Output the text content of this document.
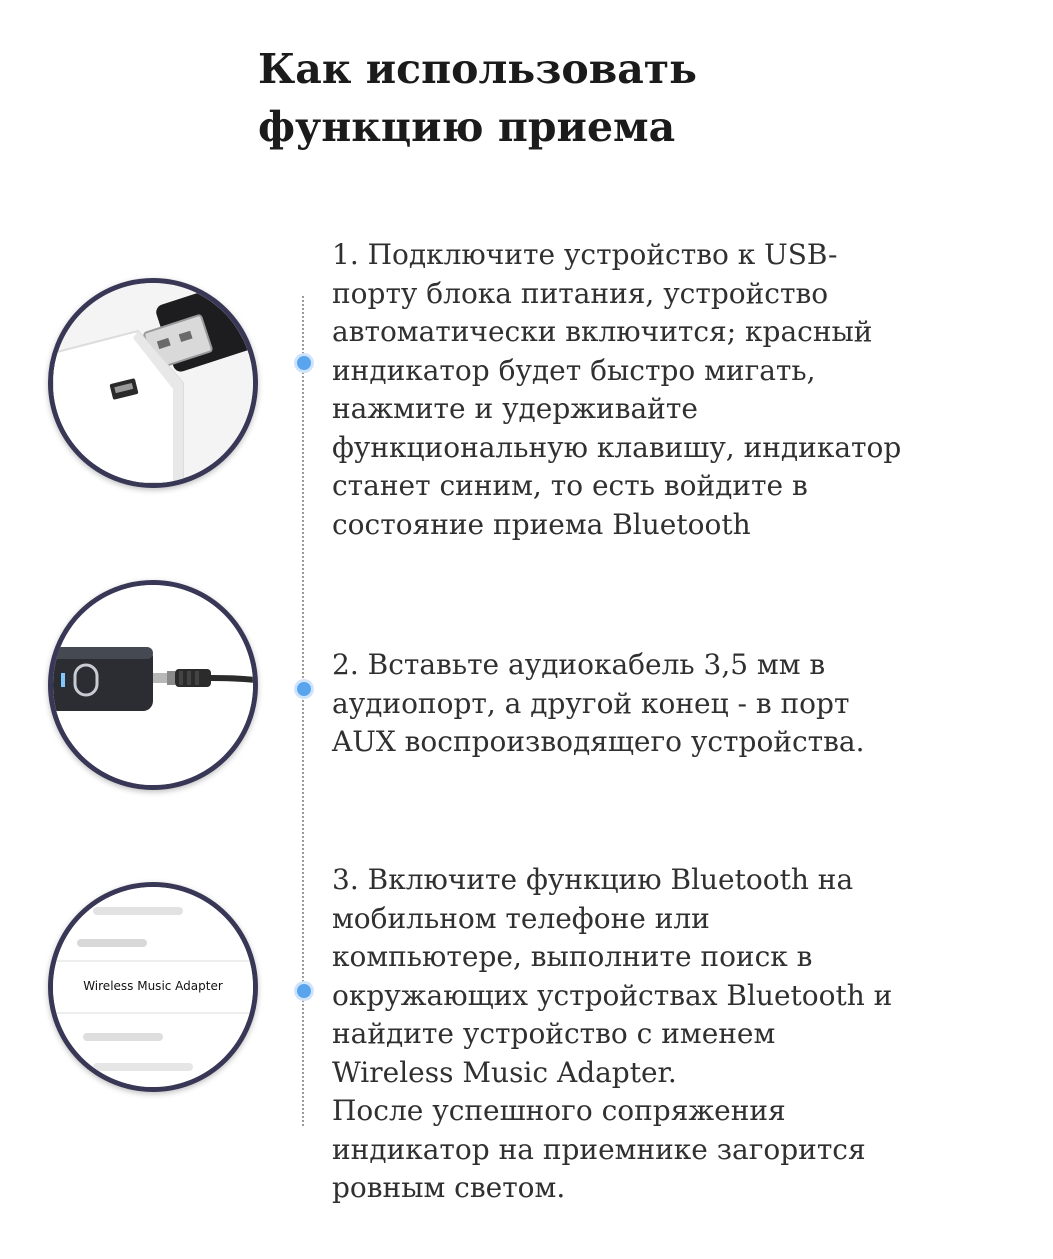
Как использовать
функцию приема

1. Подключите устройство к USB-
порту блока питания, устройство
автоматически включится; красный
индикатор будет быстро мигать,
нажмите и удерживайте
функциональную клавишу, индикатор
станет синим, то есть войдите в
состояние приема Bluetooth

2. Вставьте аудиокабель 3,5 мм в
аудиопорт, а другой конец - в порт
AUX воспроизводящего устройства.

Wireless Music Adapter

3. Включите функцию Bluetooth на
мобильном телефоне или
компьютере, выполните поиск в
окружающих устройствах Bluetooth и
найдите устройство с именем
Wireless Music Adapter.
После успешного сопряжения
индикатор на приемнике загорится
ровным светом.
